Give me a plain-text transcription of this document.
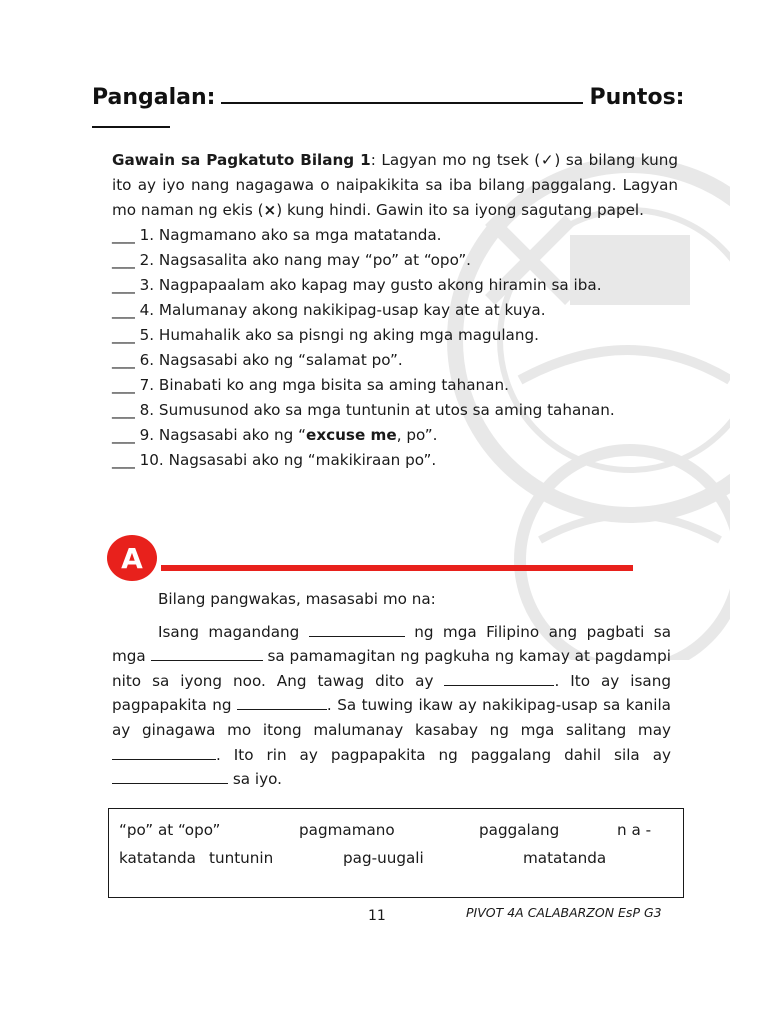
Pangalan:	Puntos:

Gawain sa Pagkatuto Bilang 1: Lagyan mo ng tsek (✓) sa bilang kung ito ay iyo nang nagagawa o naipakikita sa iba bilang paggalang. Lagyan mo naman ng ekis (×) kung hindi. Gawin ito sa iyong sagutang papel.

___ 1. Nagmamano ako sa mga matatanda.
___ 2. Nagsasalita ako nang may “po” at “opo”.
___ 3. Nagpapaalam ako kapag may gusto akong hiramin sa iba.
___ 4. Malumanay akong nakikipag-usap kay ate at kuya.
___ 5. Humahalik ako sa pisngi ng aking mga magulang.
___ 6. Nagsasabi ako ng “salamat po”.
___ 7. Binabati ko ang mga bisita sa aming tahanan.
___ 8. Sumusunod ako sa mga tuntunin at utos sa aming tahanan.
___ 9. Nagsasabi ako ng “excuse me, po”.
___ 10. Nagsasabi ako ng “makikiraan po”.
A

Bilang pangwakas, masasabi mo na:

Isang magandang	ng mga Filipino ang pagbati sa mga	sa pamamagitan ng pagkuha ng kamay at pagdampi nito sa iyong noo. Ang tawag dito ay	. Ito ay isang pagpapakita ng	. Sa tuwing ikaw ay nakikipag-usap sa kanila ay ginagawa mo itong malumanay kasabay ng mga salitang may . Ito rin ay pagpapakita ng paggalang dahil sila ay  sa iyo.

“po” at “opo”	pagmamano	paggalang	n a -
katatanda tuntunin	pag-uugali	matatanda
11	PIVOT 4A CALABARZON EsP G3
